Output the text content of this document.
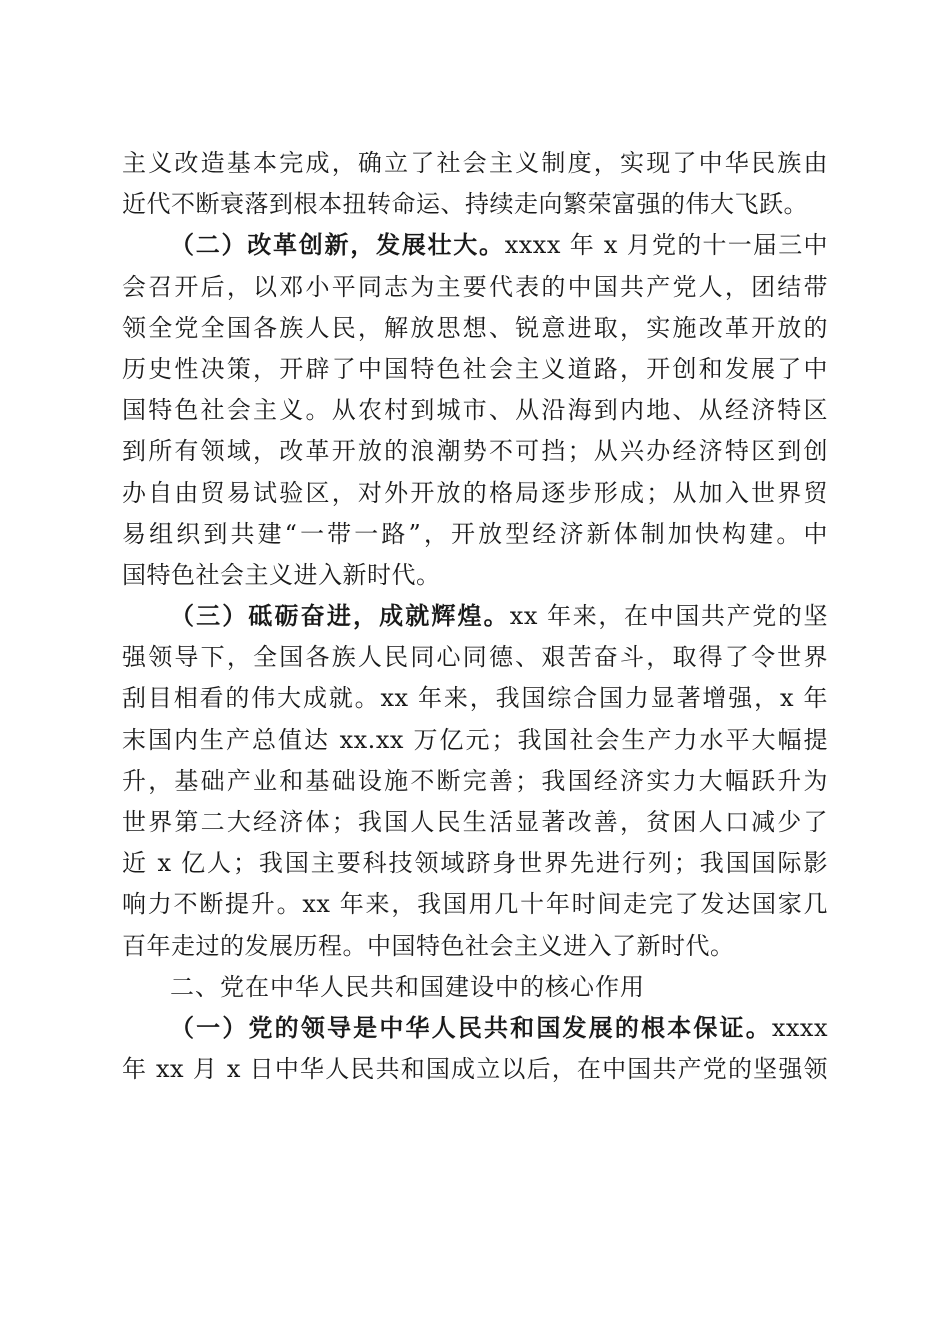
主义改造基本完成，确立了社会主义制度，实现了中华民族由
近代不断衰落到根本扭转命运、持续走向繁荣富强的伟大飞跃。
（二）改革创新，发展壮大。xxxx 年 x 月党的十一届三中
会召开后，以邓小平同志为主要代表的中国共产党人，团结带
领全党全国各族人民，解放思想、锐意进取，实施改革开放的
历史性决策，开辟了中国特色社会主义道路，开创和发展了中
国特色社会主义。从农村到城市、从沿海到内地、从经济特区
到所有领域，改革开放的浪潮势不可挡；从兴办经济特区到创
办自由贸易试验区，对外开放的格局逐步形成；从加入世界贸
易组织到共建“一带一路”，开放型经济新体制加快构建。中
国特色社会主义进入新时代。
（三）砥砺奋进，成就辉煌。xx 年来，在中国共产党的坚
强领导下，全国各族人民同心同德、艰苦奋斗，取得了令世界
刮目相看的伟大成就。xx 年来，我国综合国力显著增强，x 年
末国内生产总值达 xx.xx 万亿元；我国社会生产力水平大幅提
升，基础产业和基础设施不断完善；我国经济实力大幅跃升为
世界第二大经济体；我国人民生活显著改善，贫困人口减少了
近 x 亿人；我国主要科技领域跻身世界先进行列；我国国际影
响力不断提升。xx 年来，我国用几十年时间走完了发达国家几
百年走过的发展历程。中国特色社会主义进入了新时代。
二、党在中华人民共和国建设中的核心作用
（一）党的领导是中华人民共和国发展的根本保证。xxxx
年 xx 月 x 日中华人民共和国成立以后，在中国共产党的坚强领
